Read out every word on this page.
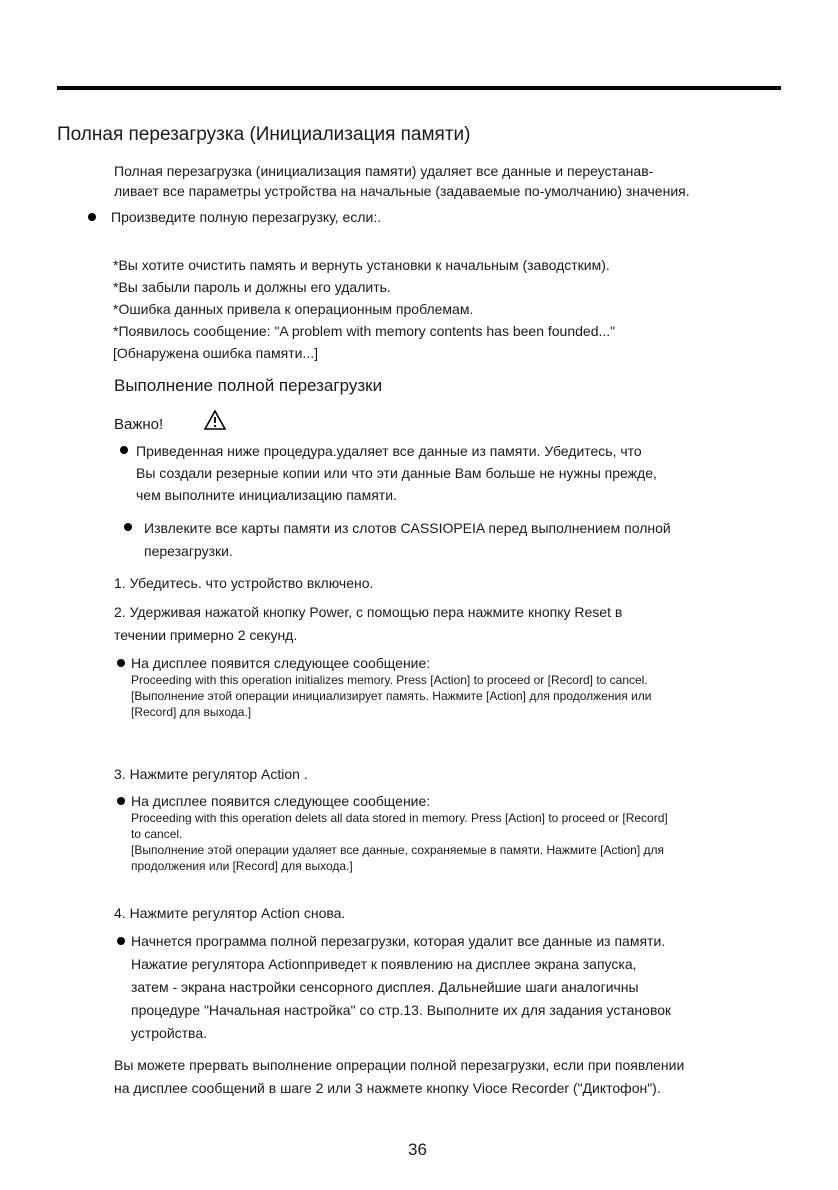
Полная перезагрузка (Инициализация памяти)
Полная перезагрузка (инициализация памяти) удаляет все данные и переустанав-
ливает все параметры устройства на начальные (задаваемые по-умолчанию) значения.
Произведите полную перезагрузку, если:.
*Вы хотите очистить память и вернуть установки к начальным (заводстким).
*Вы забыли пароль и должны его удалить.
*Ошибка данных привела к операционным проблемам.
*Появилось сообщение: "A problem with memory contents has been founded..."
[Обнаружена ошибка памяти...]
Выполнение полной перезагрузки
Важно!
Приведенная ниже процедура.удаляет все данные из памяти. Убедитесь, что
Вы создали резерные копии или что эти данные Вам больше не нужны прежде,
чем выполните инициализацию памяти.
Извлеките все карты памяти из слотов CASSIOPEIA перед выполнением полной
перезагрузки.
1. Убедитесь. что устройство включено.
2. Удерживая нажатой кнопку Power, с помощью пера нажмите кнопку Reset в
течении примерно 2 секунд.
На дисплее появится следующее сообщение:
Proceeding with this operation initializes memory. Press [Action] to proceed or [Record] to cancel.
[Выполнение этой операции инициализирует память. Нажмите [Action] для продолжения или
[Record] для выхода.]
3. Нажмите регулятор Action .
На дисплее появится следующее сообщение:
Proceeding with this operation delets all data stored in memory. Press [Action] to proceed or [Record]
to cancel.
[Выполнение этой операции удаляет все данные, сохраняемые в памяти. Нажмите [Action] для
продолжения или [Record] для выхода.]
4. Нажмите регулятор Action снова.
Начнется программа полной перезагрузки, которая удалит все данные из памяти.
Нажатие регулятора Actionприведет к появлению на дисплее экрана запуска,
затем - экрана настройки сенсорного дисплея. Дальнейшие шаги аналогичны
процедуре "Начальная настройка" со стр.13. Выполните их для задания установок
устройства.
Вы можете прервать выполнение опрерации полной перезагрузки, если при появлении
на дисплее сообщений в шаге 2 или 3 нажмете кнопку Vioce Recorder ("Диктофон").
36
